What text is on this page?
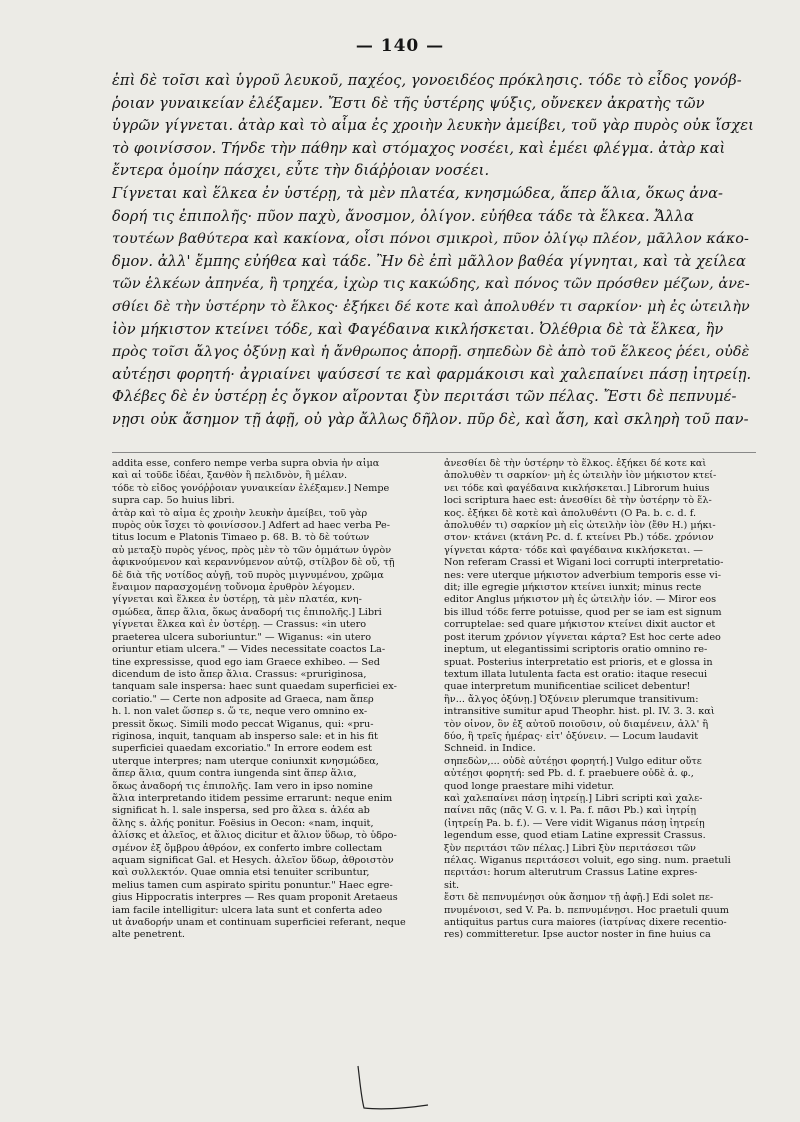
— 140 —
ἐπὶ δὲ τοῖσι καὶ ὑγροῦ λευκοῦ, παχέος, γονοειδέος πρόκλησις. τόδε τὸ εἶδος γονόβ-
ῥοιαν γυναικείαν ἐλέξαμεν. Ἔστι δὲ τῆς ὑστέρης ψύξις, οὔνεκεν ἀκρατὴς τῶν
ὑγρῶν γίγνεται. ἀτὰρ καὶ τὸ αἷμα ἐς χροιὴν λευκὴν ἀμείβει, τοῦ γὰρ πυρὸς οὐκ ἴσχει
τὸ φοινίσσον. Τήνδε τὴν πάθην καὶ στόμαχος νοσέει, καὶ ἐμέει φλέγμα. ἀτὰρ καὶ
ἔντερα ὁμοίην πάσχει, εὖτε τὴν διάῤῥοιαν νοσέει.
Γίγνεται καὶ ἕλκεα ἐν ὑστέρῃ, τὰ μὲν πλατέα, κνησμώδεα, ἅπερ ἅλια, ὅκως ἀνα-
δορή τις ἐπιπολῆς· πῦον παχὺ, ἄνοσμον, ὀλίγον. εὐήθεα τάδε τὰ ἕλκεα. Ἄλλα
τουτέων βαθύτερα καὶ κακίονα, οἷσι πόνοι σμικροὶ, πῦον ὀλίγῳ πλέον, μᾶλλον κάκο-
δμον. ἀλλ' ἔμπης εὐήθεα καὶ τάδε. Ἢν δὲ ἐπὶ μᾶλλον βαθέα γίγνηται, καὶ τὰ χείλεα
τῶν ἑλκέων ἀπηνέα, ἢ τρηχέα, ἰχὼρ τις κακώδης, καὶ πόνος τῶν πρόσθεν μέζων, ἀνε-
σθίει δὲ τὴν ὑστέρην τὸ ἕλκος· ἐξήκει δέ κοτε καὶ ἀπολυθέν τι σαρκίον· μὴ ἐς ὠτειλὴν
ἰὸν μήκιστον κτείνει τόδε, καὶ Φαγέδαινα κικλήσκεται. Ὀλέθρια δὲ τὰ ἕλκεα, ἢν
πρὸς τοῖσι ἄλγος ὀξύνῃ καὶ ἡ ἄνθρωπος ἀπορῇ. σηπεδὼν δὲ ἀπὸ τοῦ ἕλκεος ῥέει, οὐδὲ
αὐτέῃσι φορητή· ἀγριαίνει ψαύσεσί τε καὶ φαρμάκοισι καὶ χαλεπαίνει πάσῃ ἰητρείῃ.
Φλέβες δὲ ἐν ὑστέρῃ ἐς ὄγκον αἴρονται ξὺν περιτάσι τῶν πέλας. Ἔστι δὲ πεπνυμέ-
νῃσι οὐκ ἄσημον τῇ ἁφῇ, οὐ γὰρ ἄλλως δῆλον. πῦρ δὲ, καὶ ἄση, καὶ σκληρὴ τοῦ παν-
addita esse, confero nempe verba supra obvia ἦν αἷμα
καὶ αἱ τοῦδε ἰδέαι, ξανθὸν ἢ πελιδνὸν, ἢ μέλαν.
τόδε τὸ εἶδος γονόῤῥοιαν γυναικείαν ἐλέξαμεν.] Nempe
supra cap. 5o huius libri.
ἀτὰρ καὶ τὸ αἷμα ἐς χροιὴν λευκὴν ἀμείβει, τοῦ γὰρ
πυρὸς οὐκ ἴσχει τὸ φοινίσσον.] Adfert ad haec verba Pe-
titus locum e Platonis Timaeo p. 68. B. τὸ δὲ τούτων
αὖ μεταξὺ πυρὸς γένος, πρὸς μὲν τὸ τῶν ὀμμάτων ὑγρὸν
ἀφικνούμενον καὶ κεραννύμενον αὐτῷ, στίλβον δὲ οὔ, τῇ
δὲ διὰ τῆς νοτίδος αὐγῇ, τοῦ πυρὸς μιγνυμένου, χρῶμα
ἔναιμον παρασχομένῃ τοὔνομα ἐρυθρὸν λέγομεν.
γίγνεται καὶ ἕλκεα ἐν ὑστέρῃ, τὰ μὲν πλατέα, κνη-
σμώδεα, ἅπερ ἅλια, ὅκως ἀναδορή τις ἐπιπολῆς.] Libri
γίγνεται ἕλκεα καὶ ἐν ὑστέρῃ. — Crassus: «in utero
praeterea ulcera suboriuntur." — Wiganus: «in utero
oriuntur etiam ulcera." — Vides necessitate coactos La-
tine expressisse, quod ego iam Graece exhibeo. — Sed
dicendum de isto ἅπερ ἅλια. Crassus: «pruriginosa,
tanquam sale inspersa: haec sunt quaedam superficiei ex-
coriatio." — Certe non adposite ad Graeca, nam ἅπερ
h. l. non valet ὥσπερ s. ὥ τε, neque vero omnino ex-
pressit ὅκως. Simili modo peccat Wiganus, qui: «pru-
riginosa, inquit, tanquam ab insperso sale: et in his fit
superficiei quaedam excoriatio." In errore eodem est
uterque interpres; nam uterque coniunxit κνησμώδεα,
ἅπερ ἅλια, quum contra iungenda sint ἅπερ ἅλια,
ὅκως ἀναδορή τις ἐπιπολῆς. Iam vero in ipso nomine
ἅλια interpretando itidem pessime errarunt: neque enim
significat h. l. sale inspersa, sed pro ἅλεα s. ἀλέα ab
ἅλης s. ἀλής ponitur. Foësius in Oecon: «nam, inquit,
ἀλίσκς et ἀλεῖος, et ἅλιος dicitur et ἅλιον ὕδωρ, τὸ ὑδρο-
σμένον ἐξ ὄμβρου ἀθρόον, ex conferto imbre collectam
aquam significat Gal. et Hesych. ἀλεῖον ὕδωρ, ἀθροιστὸν
καὶ συλλεκτόν. Quae omnia etsi tenuiter scribuntur,
melius tamen cum aspirato spiritu ponuntur." Haec egre-
gius Hippocratis interpres — Res quam proponit Aretaeus
iam facile intelligitur: ulcera lata sunt et conferta adeo
ut ἀναδορήν unam et continuam superficiei referant, neque
alte penetrent.
ἀνεσθίει δὲ τὴν ὑστέρην τὸ ἕλκος. ἐξήκει δέ κοτε καὶ
ἀπολυθὲν τι σαρκίον· μὴ ἐς ὠτειλὴν ἰὸν μήκιστον κτεί-
νει τόδε καὶ φαγέδαινα κικλήσκεται.] Librorum huius
loci scriptura haec est: ἀνεσθίει δὲ τὴν ὑστέρην τὸ ἕλ-
κος. ἐξήκει δὲ κοτὲ καὶ ἀπολυθέντι (O Pa. b. c. d. f.
ἀπολυθέν τι) σαρκίον μὴ εἰς ὠτειλὴν ἰὸν (ἔθν H.) μήκι-
στον· κτάνει (κτάνη Pc. d. f. κτείνει Pb.) τόδε. χρόνιον
γίγνεται κάρτα· τόδε καὶ φαγέδαινα κικλήσκεται. —
Non referam Crassi et Wigani loci corrupti interpretatio-
nes: vere uterque μήκιστον adverbium temporis esse vi-
dit; ille egregie μήκιστον κτείνει iunxit; minus recte
editor Anglus μήκιστον μὴ ἐς ὠτειλὴν ἰόν. — Miror eos
bis illud τόδε ferre potuisse, quod per se iam est signum
corruptelae: sed quare μήκιστον κτείνει dixit auctor et
post iterum χρόνιον γίγνεται κάρτα? Est hoc certe adeo
ineptum, ut elegantissimi scriptoris oratio omnino re-
spuat. Posterius interpretatio est prioris, et e glossa in
textum illata lutulenta facta est oratio: itaque resecui
quae interpretum munificentiae scilicet debentur!
ἢν... ἄλγος ὀξύνῃ.] Ὀξύνειν plerumque transitivum:
intransitive sumitur apud Theophr. hist. pl. IV. 3. 3. καὶ
τὸν οἶνον, ὃν ἐξ αὐτοῦ ποιοῦσιν, οὐ διαμένειν, ἀλλ' ἢ
δύο, ἢ τρεῖς ἡμέρας· εἶτ' ὀξύνειν. — Locum laudavit
Schneid. in Indice.
σηπεδὼν,... οὐδὲ αὐτέῃσι φορητή.] Vulgo editur οὔτε
αὐτέῃσι φορητή: sed Pb. d. f. praebuere οὐδὲ ἀ. φ.,
quod longe praestare mihi videtur.
καὶ χαλεπαίνει πάσῃ ἰητρείῃ.] Libri scripti καὶ χαλε-
παίνει πᾶς (πᾶς V. G. v. l. Pa. f. πᾶσι Pb.) καὶ ἰητρίῃ
(ἰητρείῃ Pa. b. f.). — Vere vidit Wiganus πάσῃ ἰητρείῃ
legendum esse, quod etiam Latine expressit Crassus.
ξὺν περιτάσι τῶν πέλας.] Libri ξὺν περιτάσεσι τῶν
πέλας. Wiganus περιτάσεσι voluit, ego sing. num. praetuli
περιτάσι: horum alterutrum Crassus Latine expres-
sit.
ἔστι δὲ πεπνυμένῃσι οὐκ ἄσημον τῇ ἁφῇ.] Edi solet πε-
πνυμένοισι, sed V. Pa. b. πεπνυμένῃσι. Hoc praetuli quum
antiquitus partus cura maiores (ἰατρίνας dixere recentio-
res) committeretur. Ipse auctor noster in fine huius ca
